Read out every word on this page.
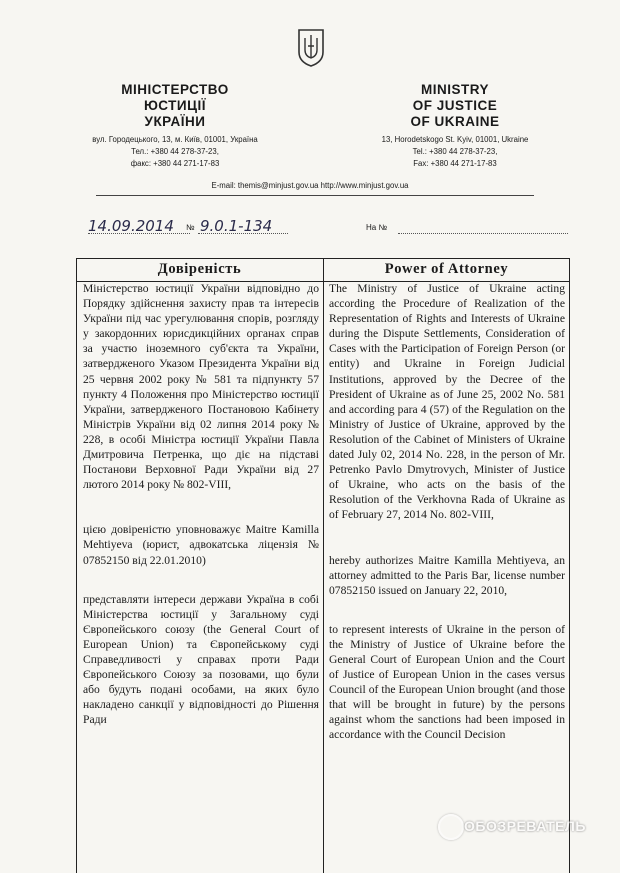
МІНІСТЕРСТВО
ЮСТИЦІЇ
УКРАЇНИ
вул. Городецького, 13, м. Київ, 01001, Україна
Тел.: +380 44 278-37-23,
факс: +380 44 271-17-83
MINISTRY
OF JUSTICE
OF UKRAINE
13, Horodetskogo St. Kyiv, 01001, Ukraine
Tel.: +380 44 278-37-23,
Fax: +380 44 271-17-83
E-mail: themis@minjust.gov.ua http://www.minjust.gov.ua
14.09.2014 № 9.0.1-134	На №
Довіреність	Power of Attorney

Міністерство юстиції України відповідно до Порядку здійснення захисту прав та інтересів України під час урегулювання спорів, розгляду у закордонних юрисдикційних органах справ за участю іноземного суб'єкта та України, затвердженого Указом Президента України від 25 червня 2002 року № 581 та підпункту 57 пункту 4 Положення про Міністерство юстиції України, затвердженого Постановою Кабінету Міністрів України від 02 липня 2014 року № 228, в особі Міністра юстиції України Павла Дмитровича Петренка, що діє на підставі Постанови Верховної Ради України від 27 лютого 2014 року № 802-VIII,

цією довіреністю уповноважує Maitre Kamilla Mehtiyeva (юрист, адвокатська ліцензія № 07852150 від 22.01.2010)

представляти інтереси держави Україна в собі Міністерства юстиції у Загальному суді Європейського союзу (the General Court of European Union) та Європейському суді Справедливості у справах проти Ради Європейського Союзу за позовами, що були або будуть подані особами, на яких було накладено санкції у відповідності до Рішення Ради

The Ministry of Justice of Ukraine acting according the Procedure of Realization of the Representation of Rights and Interests of Ukraine during the Dispute Settlements, Consideration of Cases with the Participation of Foreign Person (or entity) and Ukraine in Foreign Judicial Institutions, approved by the Decree of the President of Ukraine as of June 25, 2002 No. 581 and according para 4 (57) of the Regulation on the Ministry of Justice of Ukraine, approved by the Resolution of the Cabinet of Ministers of Ukraine dated July 02, 2014 No. 228, in the person of Mr. Petrenko Pavlo Dmytrovych, Minister of Justice of Ukraine, who acts on the basis of the Resolution of the Verkhovna Rada of Ukraine as of February 27, 2014 No. 802-VIII,

hereby authorizes Maitre Kamilla Mehtiyeva, an attorney admitted to the Paris Bar, license number 07852150 issued on January 22, 2010,

to represent interests of Ukraine in the person of the Ministry of Justice of Ukraine before the General Court of European Union and the Court of Justice of European Union in the cases versus Council of the European Union brought (and those that will be brought in future) by the persons against whom the sanctions had been imposed in accordance with the Council Decision

ОБОЗРЕВАТЕЛЬ
